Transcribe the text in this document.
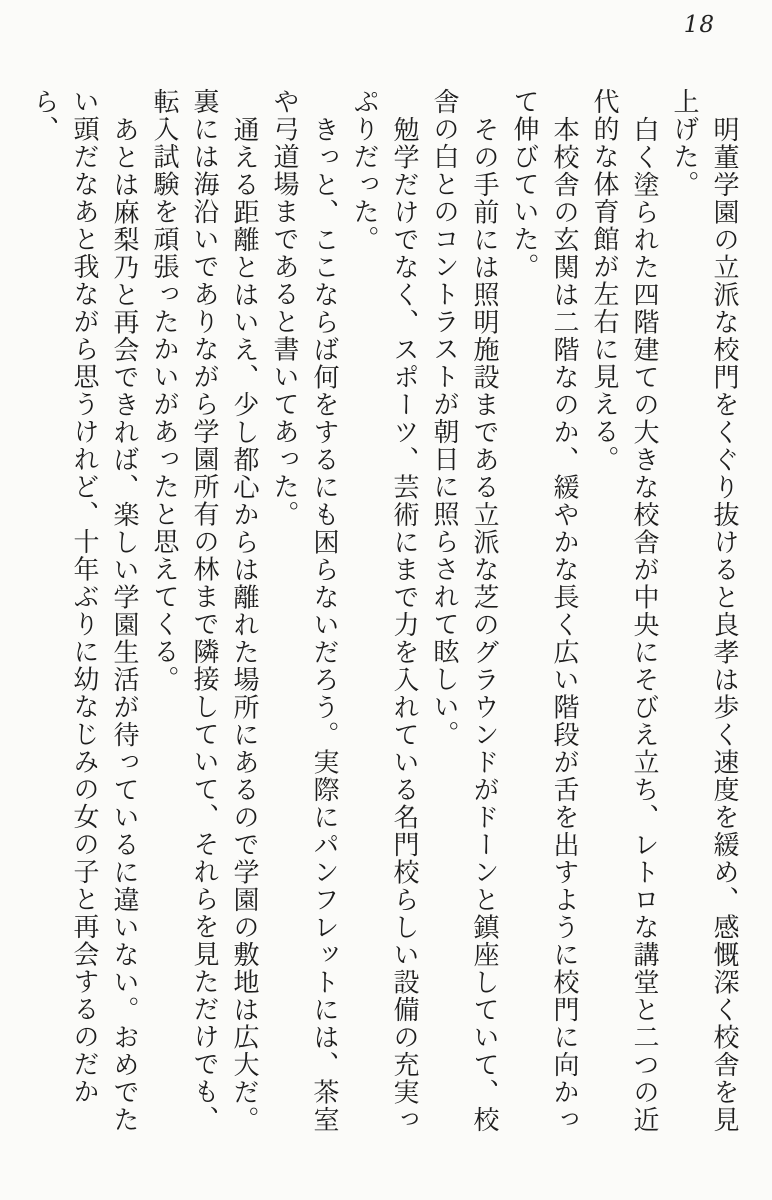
18

明董学園の立派な校門をくぐり抜けると良孝は歩く速度を緩め、感慨深く校舎を見上げた。

白く塗られた四階建ての大きな校舎が中央にそびえ立ち、レトロな講堂と二つの近代的な体育館が左右に見える。

本校舎の玄関は二階なのか、緩やかな長く広い階段が舌を出すように校門に向かって伸びていた。

その手前には照明施設まである立派な芝のグラウンドがドーンと鎮座していて、校舎の白とのコントラストが朝日に照らされて眩しい。

勉学だけでなく、スポーツ、芸術にまで力を入れている名門校らしい設備の充実っぷりだった。

きっと、ここならば何をするにも困らないだろう。実際にパンフレットには、茶室や弓道場まであると書いてあった。

通える距離とはいえ、少し都心からは離れた場所にあるので学園の敷地は広大だ。裏には海沿いでありながら学園所有の林まで隣接していて、それらを見ただけでも、転入試験を頑張ったかいがあったと思えてくる。

あとは麻梨乃と再会できれば、楽しい学園生活が待っているに違いない。おめでたい頭だなあと我ながら思うけれど、十年ぶりに幼なじみの女の子と再会するのだから、
